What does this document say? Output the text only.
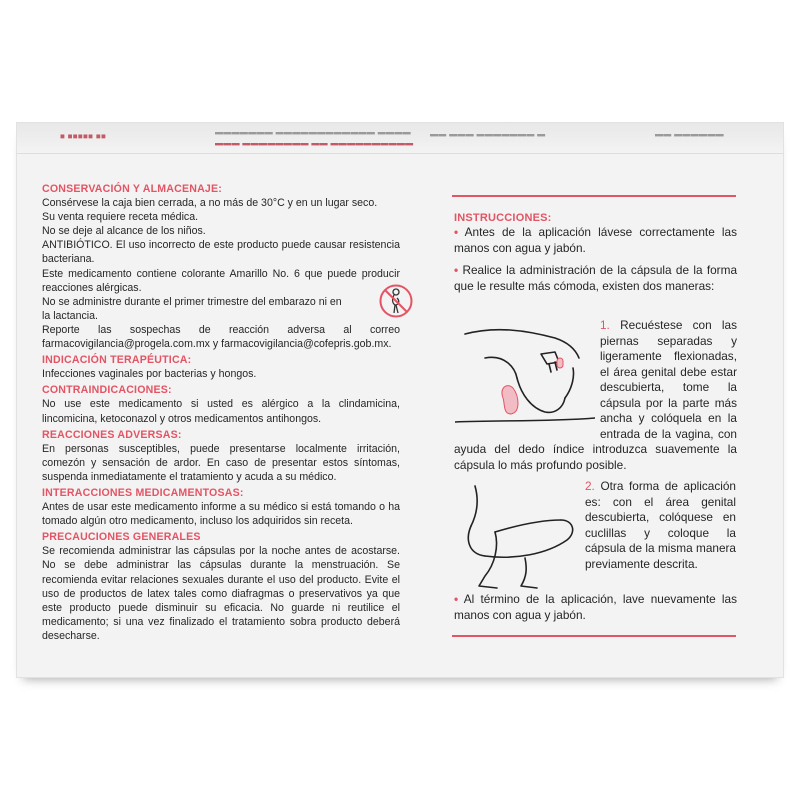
■ ■■■■■ ■■	▬▬▬▬▬▬▬ ▬▬▬▬▬▬▬▬▬▬▬▬ ▬▬▬▬
▬▬▬ ▬▬▬▬▬▬▬▬ ▬▬ ▬▬▬▬▬▬▬▬▬▬
▬▬ ▬▬▬ ▬▬▬▬▬▬▬ ▬	▬▬ ▬▬▬▬▬▬
CONSERVACIÓN Y ALMACENAJE:

Consérvese la caja bien cerrada, a no más de 30°C y en un lugar seco.

Su venta requiere receta médica.

No se deje al alcance de los niños.

ANTIBIÓTICO. El uso incorrecto de este producto puede causar resistencia bacteriana.

Este medicamento contiene colorante Amarillo No. 6 que puede producir reacciones alérgicas.

No se administre durante el primer trimestre del embarazo ni en la lactancia.

Reporte las sospechas de reacción adversa al correo farmacovigilancia@progela.com.mx y farmacovigilancia@cofepris.gob.mx.

INDICACIÓN TERAPÉUTICA:

Infecciones vaginales por bacterias y hongos.

CONTRAINDICACIONES:

No use este medicamento si usted es alérgico a la clindamicina, lincomicina, ketoconazol y otros medicamentos antihongos.

REACCIONES ADVERSAS:

En personas susceptibles, puede presentarse localmente irritación, comezón y sensación de ardor. En caso de presentar estos síntomas, suspenda inmediatamente el tratamiento y acuda a su médico.

INTERACCIONES MEDICAMENTOSAS:

Antes de usar este medicamento informe a su médico si está tomando o ha tomado algún otro medicamento, incluso los adquiridos sin receta.

PRECAUCIONES GENERALES

Se recomienda administrar las cápsulas por la noche antes de acostarse. No se debe administrar las cápsulas durante la menstruación. Se recomienda evitar relaciones sexuales durante el uso del producto. Evite el uso de productos de latex tales como diafragmas o preservativos ya que este producto puede disminuir su eficacia. No guarde ni reutilice el medicamento; si una vez finalizado el tratamiento sobra producto deberá desecharse.

INSTRUCCIONES:

• Antes de la aplicación lávese correctamente las manos con agua y jabón.

• Realice la administración de la cápsula de la forma que le resulte más cómoda, existen dos maneras:

1. Recuéstese con las piernas separadas y ligeramente flexionadas, el área genital debe estar descubierta, tome la cápsula por la parte más ancha y colóquela en la entrada de la vagina, con ayuda del dedo índice introduzca suavemente la cápsula lo más profundo posible.

2. Otra forma de aplicación es: con el área genital descubierta, colóquese en cuclillas y coloque la cápsula de la misma manera previamente descrita.

• Al término de la aplicación, lave nuevamente las manos con agua y jabón.
